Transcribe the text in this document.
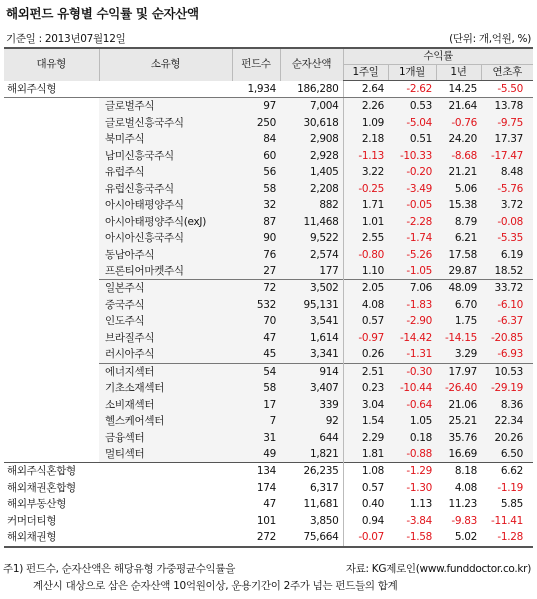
해외펀드 유형별 수익률 및 순자산액
기준일 : 2013년07월12일	(단위: 개,억원, %)
대유형	소유형	펀드수	순자산액	수익률			
				1주일	1개월	1년	연초후
해외주식형		1,934	186,280	2.64	-2.62	14.25	-5.50
	글로벌주식	97	7,004	2.26	0.53	21.64	13.78
	글로벌신흥국주식	250	30,618	1.09	-5.04	-0.76	-9.75
	북미주식	84	2,908	2.18	0.51	24.20	17.37
	남미신흥국주식	60	2,928	-1.13	-10.33	-8.68	-17.47
	유럽주식	56	1,405	3.22	-0.20	21.21	8.48
	유럽신흥국주식	58	2,208	-0.25	-3.49	5.06	-5.76
	아시아태평양주식	32	882	1.71	-0.05	15.38	3.72
	아시아태평양주식(exJ)	87	11,468	1.01	-2.28	8.79	-0.08
	아시아신흥국주식	90	9,522	2.55	-1.74	6.21	-5.35
	동남아주식	76	2,574	-0.80	-5.26	17.58	6.19
	프론티어마켓주식	27	177	1.10	-1.05	29.87	18.52
	일본주식	72	3,502	2.05	7.06	48.09	33.72
	중국주식	532	95,131	4.08	-1.83	6.70	-6.10
	인도주식	70	3,541	0.57	-2.90	1.75	-6.37
	브라질주식	47	1,614	-0.97	-14.42	-14.15	-20.85
	러시아주식	45	3,341	0.26	-1.31	3.29	-6.93
	에너지섹터	54	914	2.51	-0.30	17.97	10.53
	기초소재섹터	58	3,407	0.23	-10.44	-26.40	-29.19
	소비재섹터	17	339	3.04	-0.64	21.06	8.36
	헬스케어섹터	7	92	1.54	1.05	25.21	22.34
	금융섹터	31	644	2.29	0.18	35.76	20.26
	멀티섹터	49	1,821	1.81	-0.88	16.69	6.50
해외주식혼합형		134	26,235	1.08	-1.29	8.18	6.62
해외채권혼합형		174	6,317	0.57	-1.30	4.08	-1.19
해외부동산형		47	11,681	0.40	1.13	11.23	5.85
커머더티형		101	3,850	0.94	-3.84	-9.83	-11.41
해외채권형		272	75,664	-0.07	-1.58	5.02	-1.28
주1) 펀드수, 순자산액은 해당유형 가중평균수익률을	자료: KG제로인(www.funddoctor.co.kr)
계산시 대상으로 삼은 순자산액 10억원이상, 운용기간이 2주가 넘는 펀드들의 합계
